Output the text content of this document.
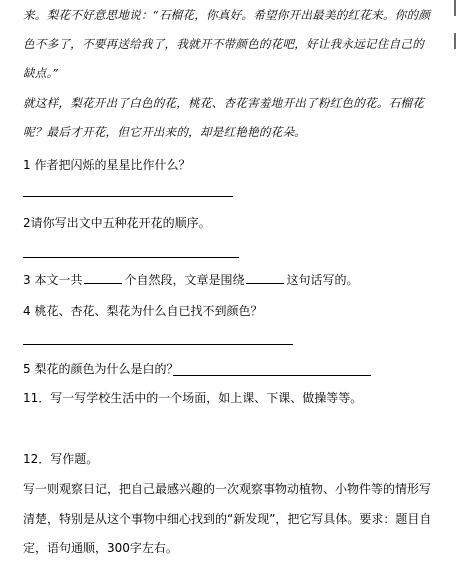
来。梨花不好意思地说：“石榴花，你真好。希望你开出最美的红花来。你的颜
色不多了，不要再送给我了，我就开不带颜色的花吧，好让我永远记住自己的
缺点。”
就这样，梨花开出了白色的花，桃花、杏花害羞地开出了粉红色的花。石榴花
呢？最后才开花，但它开出来的，却是红艳艳的花朵。
1 作者把闪烁的星星比作什么？
2请你写出文中五种花开花的顺序。
3 本文一共	个自然段，文章是围绕	这句话写的。
4 桃花、杏花、梨花为什么自已找不到颜色？
5 梨花的颜色为什么是白的？
11．写一写学校生活中的一个场面，如上课、下课、做操等等。
12．写作题。
写一则观察日记，把自己最感兴趣的一次观察事物动植物、小物件等的情形写
清楚，特别是从这个事物中细心找到的“新发现”，把它写具体。要求：题目自
定，语句通顺，300字左右。
